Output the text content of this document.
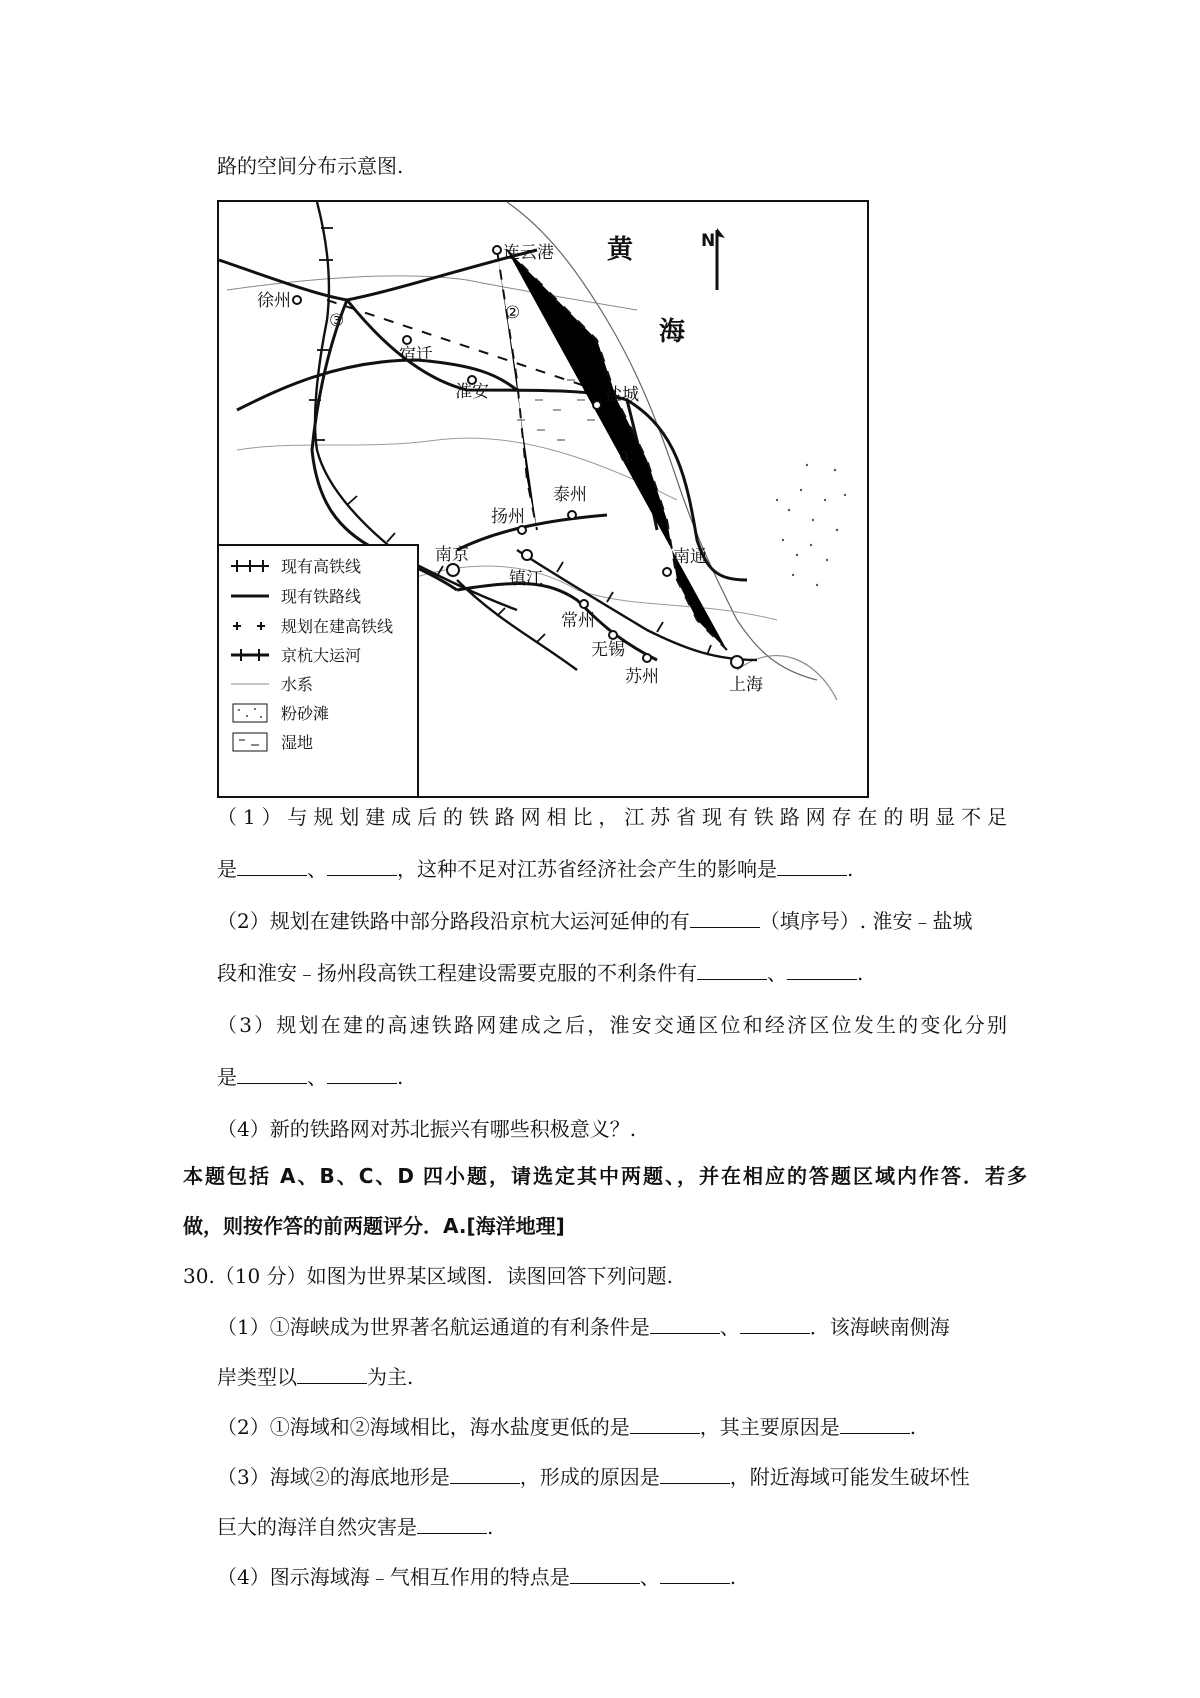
路的空间分布示意图.
连云港
徐州
宿迁
淮安	盐城
泰州
扬州
南京
镇江
南通
常州
无锡
苏州	上海
③	②
①
黄
海
N
现有高铁线
现有铁路线
规划在建高铁线
京杭大运河
水系
粉砂滩
湿地
（1）与规划建成后的铁路网相比，江苏省现有铁路网存在的明显不足
是	、	，这种不足对江苏省经济社会产生的影响是	.
（2）规划在建铁路中部分路段沿京杭大运河延伸的有	（填序号）. 淮安﹣盐城
段和淮安﹣扬州段高铁工程建设需要克服的不利条件有	、	.
（3）规划在建的高速铁路网建成之后，淮安交通区位和经济区位发生的变化分别
是	、	.
（4）新的铁路网对苏北振兴有哪些积极意义？.
本题包括 A、B、C、D 四小题，请选定其中两题、，并在相应的答题区域内作答．若多
做，则按作答的前两题评分．A.[海洋地理]
30.（10 分）如图为世界某区域图．读图回答下列问题.
（1）①海峡成为世界著名航运通道的有利条件是	、	．该海峡南侧海
岸类型以	为主.
（2）①海域和②海域相比，海水盐度更低的是	，其主要原因是	.
（3）海域②的海底地形是	，形成的原因是	，附近海域可能发生破坏性
巨大的海洋自然灾害是	.
（4）图示海域海﹣气相互作用的特点是	、	.
